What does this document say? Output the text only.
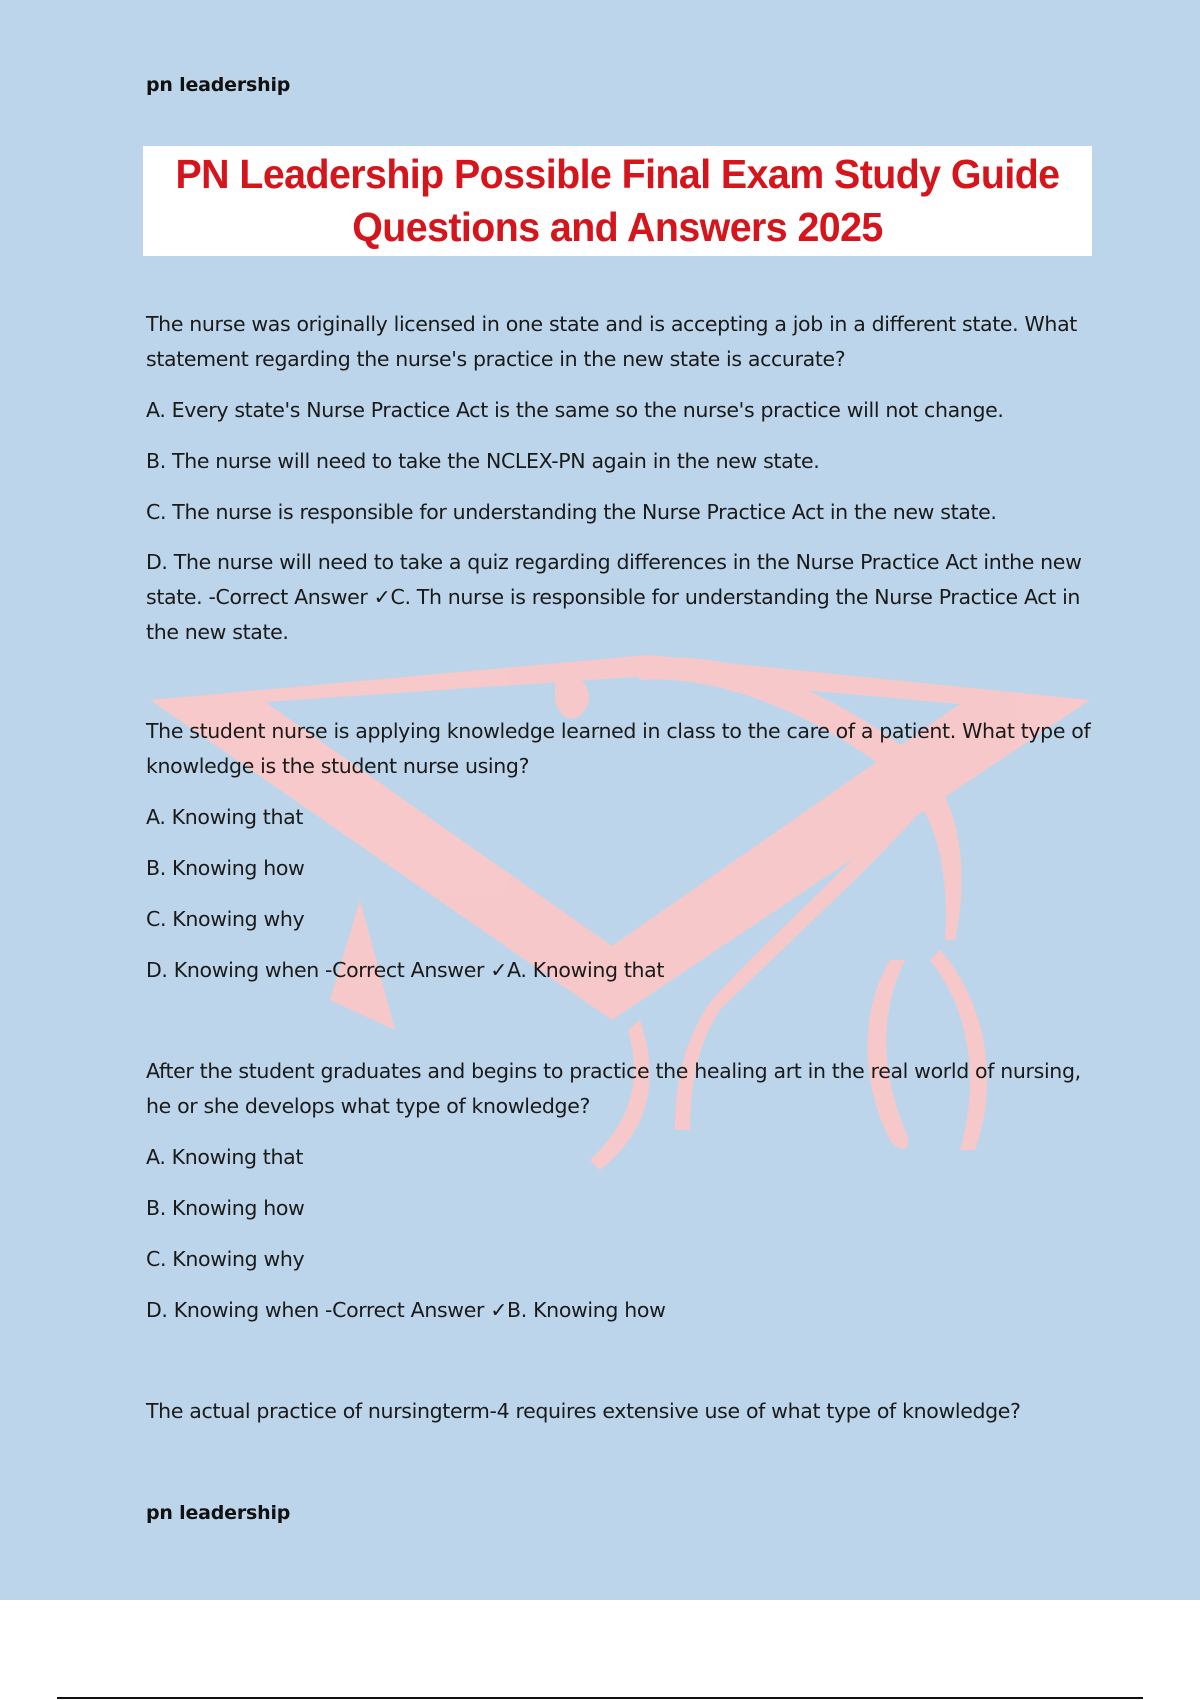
pn leadership
PN Leadership Possible Final Exam Study Guide Questions and Answers 2025

The nurse was originally licensed in one state and is accepting a job in a different state. What statement regarding the nurse's practice in the new state is accurate?

A. Every state's Nurse Practice Act is the same so the nurse's practice will not change.

B. The nurse will need to take the NCLEX-PN again in the new state.

C. The nurse is responsible for understanding the Nurse Practice Act in the new state.

D. The nurse will need to take a quiz regarding differences in the Nurse Practice Act inthe new state. -Correct Answer ✓C. Th nurse is responsible for understanding the Nurse Practice Act in the new state.

The student nurse is applying knowledge learned in class to the care of a patient. What type of knowledge is the student nurse using?

A. Knowing that

B. Knowing how

C. Knowing why

D. Knowing when -Correct Answer ✓A. Knowing that

After the student graduates and begins to practice the healing art in the real world of nursing, he or she develops what type of knowledge?

A. Knowing that

B. Knowing how

C. Knowing why

D. Knowing when -Correct Answer ✓B. Knowing how

The actual practice of nursingterm-4 requires extensive use of what type of knowledge?

pn leadership
